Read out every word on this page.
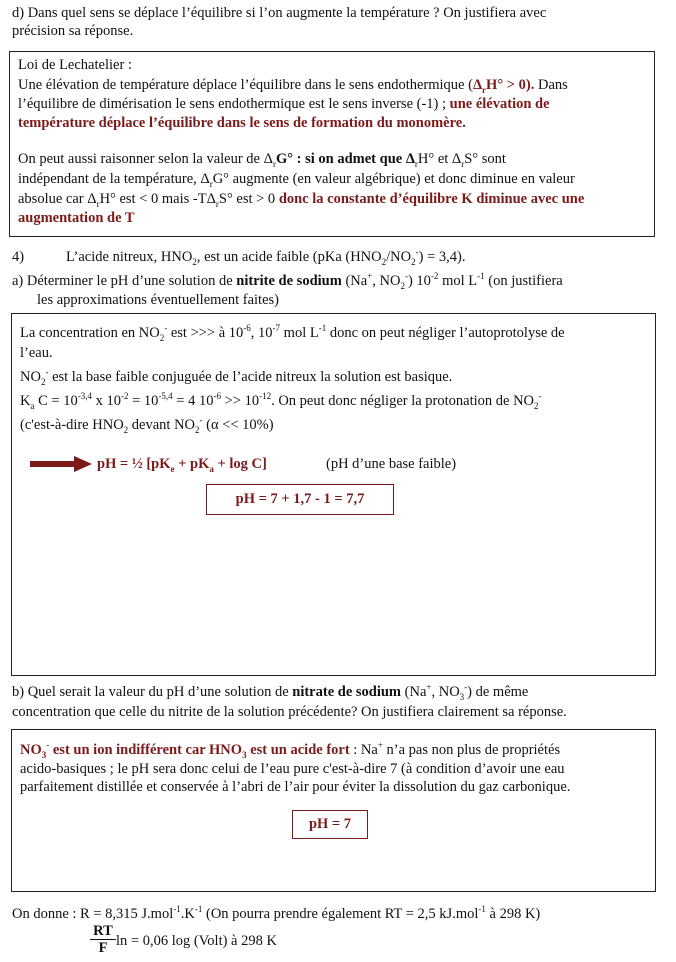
d) Dans quel sens se déplace l’équilibre si l’on augmente la température ? On justifiera avec
précision sa réponse.
Loi de Lechatelier :
Une élévation de température déplace l’équilibre dans le sens endothermique $(\Delta_rH^\circ > 0)$. Dans
l’équilibre de dimérisation le sens endothermique est le sens inverse (-1) ; une élévation de
température déplace l’équilibre dans le sens de formation du monomère.
On peut aussi raisonner selon la valeur de $\Delta_rG^\circ$ : si on admet que $\Delta_rH^\circ$ et $\Delta_rS^\circ$ sont
indépendant de la température, $\Delta_rG^\circ$ augmente (en valeur algébrique) et donc diminue en valeur
absolue car $\Delta_rH^\circ$ est < 0 mais $-T\Delta_rS^\circ$ est > 0 donc la constante d’équilibre K diminue avec une
augmentation de T
4)	L’acide nitreux, $HNO_2$, est un acide faible (pKa $(HNO_2/NO_2^-) = 3,4$).
a) Déterminer le pH d’une solution de nitrite de sodium (Na+, $NO_2^-$) $10^{-2}$ mol $L^{-1}$ (on justifiera
les approximations éventuellement faites)
La concentration en $NO_2^-$ est >>> à $10^{-6}$, $10^{-7}$ mol $L^{-1}$ donc on peut négliger l’autoprotolyse de
l’eau.
$NO_2^-$ est la base faible conjuguée de l’acide nitreux la solution est basique.
$K_a$ $C = 10^{-3,4}$ x $10^{-2} = 10^{-5,4} = 4$ $10^{-6} >> 10^{-12}$. On peut donc négliger la protonation de $NO_2^-$
(c'est-à-dire $HNO_2$ devant $NO_2^-$ (α << 10%)
pH = ½ $[pK_e + pK_a + \log C]$	(pH d’une base faible)
pH = 7 + 1,7 - 1 = 7,7
b) Quel serait la valeur du pH d’une solution de nitrate de sodium (Na+, $NO_3^-$) de même
concentration que celle du nitrite de la solution précédente? On justifiera clairement sa réponse.
$NO_3^-$ est un ion indifférent car $HNO_3$ est un acide fort : Na+ n’a pas non plus de propriétés
acido-basiques ; le pH sera donc celui de l’eau pure c'est-à-dire 7 (à condition d’avoir une eau
parfaitement distillée et conservée à l’abri de l’air pour éviter la dissolution du gaz carbonique.
pH = 7
On donne : R = 8,315 $J.mol^{-1}.K^{-1}$ (On pourra prendre également RT = 2,5 kJ.mol$^{-1}$ à 298 K)
$\frac{RT}{F}$ ln = 0,06 log (Volt) à 298 K
